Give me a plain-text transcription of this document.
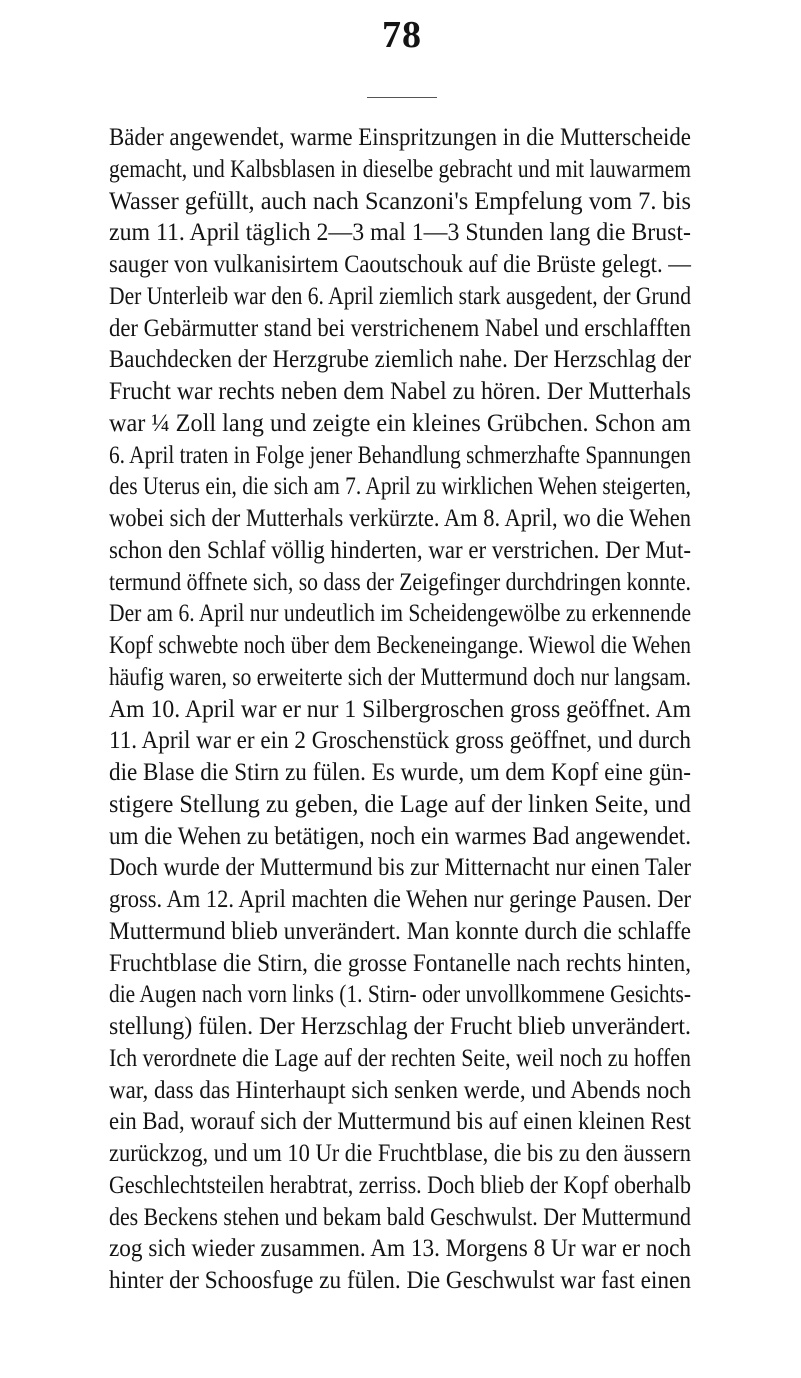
78
Bäder angewendet, warme Einspritzungen in die Mutterscheide
gemacht, und Kalbsblasen in dieselbe gebracht und mit lauwarmem
Wasser gefüllt, auch nach Scanzoni's Empfelung vom 7. bis
zum 11. April täglich 2—3 mal 1—3 Stunden lang die Brust-
sauger von vulkanisirtem Caoutschouk auf die Brüste gelegt. —
Der Unterleib war den 6. April ziemlich stark ausgedent, der Grund
der Gebärmutter stand bei verstrichenem Nabel und erschlafften
Bauchdecken der Herzgrube ziemlich nahe. Der Herzschlag der
Frucht war rechts neben dem Nabel zu hören. Der Mutterhals
war ¼ Zoll lang und zeigte ein kleines Grübchen. Schon am
6. April traten in Folge jener Behandlung schmerzhafte Spannungen
des Uterus ein, die sich am 7. April zu wirklichen Wehen steigerten,
wobei sich der Mutterhals verkürzte. Am 8. April, wo die Wehen
schon den Schlaf völlig hinderten, war er verstrichen. Der Mut-
termund öffnete sich, so dass der Zeigefinger durchdringen konnte.
Der am 6. April nur undeutlich im Scheidengewölbe zu erkennende
Kopf schwebte noch über dem Beckeneingange. Wiewol die Wehen
häufig waren, so erweiterte sich der Muttermund doch nur langsam.
Am 10. April war er nur 1 Silbergroschen gross geöffnet. Am
11. April war er ein 2 Groschenstück gross geöffnet, und durch
die Blase die Stirn zu fülen. Es wurde, um dem Kopf eine gün-
stigere Stellung zu geben, die Lage auf der linken Seite, und
um die Wehen zu betätigen, noch ein warmes Bad angewendet.
Doch wurde der Muttermund bis zur Mitternacht nur einen Taler
gross. Am 12. April machten die Wehen nur geringe Pausen. Der
Muttermund blieb unverändert. Man konnte durch die schlaffe
Fruchtblase die Stirn, die grosse Fontanelle nach rechts hinten,
die Augen nach vorn links (1. Stirn- oder unvollkommene Gesichts-
stellung) fülen. Der Herzschlag der Frucht blieb unverändert.
Ich verordnete die Lage auf der rechten Seite, weil noch zu hoffen
war, dass das Hinterhaupt sich senken werde, und Abends noch
ein Bad, worauf sich der Muttermund bis auf einen kleinen Rest
zurückzog, und um 10 Ur die Fruchtblase, die bis zu den äussern
Geschlechtsteilen herabtrat, zerriss. Doch blieb der Kopf oberhalb
des Beckens stehen und bekam bald Geschwulst. Der Muttermund
zog sich wieder zusammen. Am 13. Morgens 8 Ur war er noch
hinter der Schoosfuge zu fülen. Die Geschwulst war fast einen
